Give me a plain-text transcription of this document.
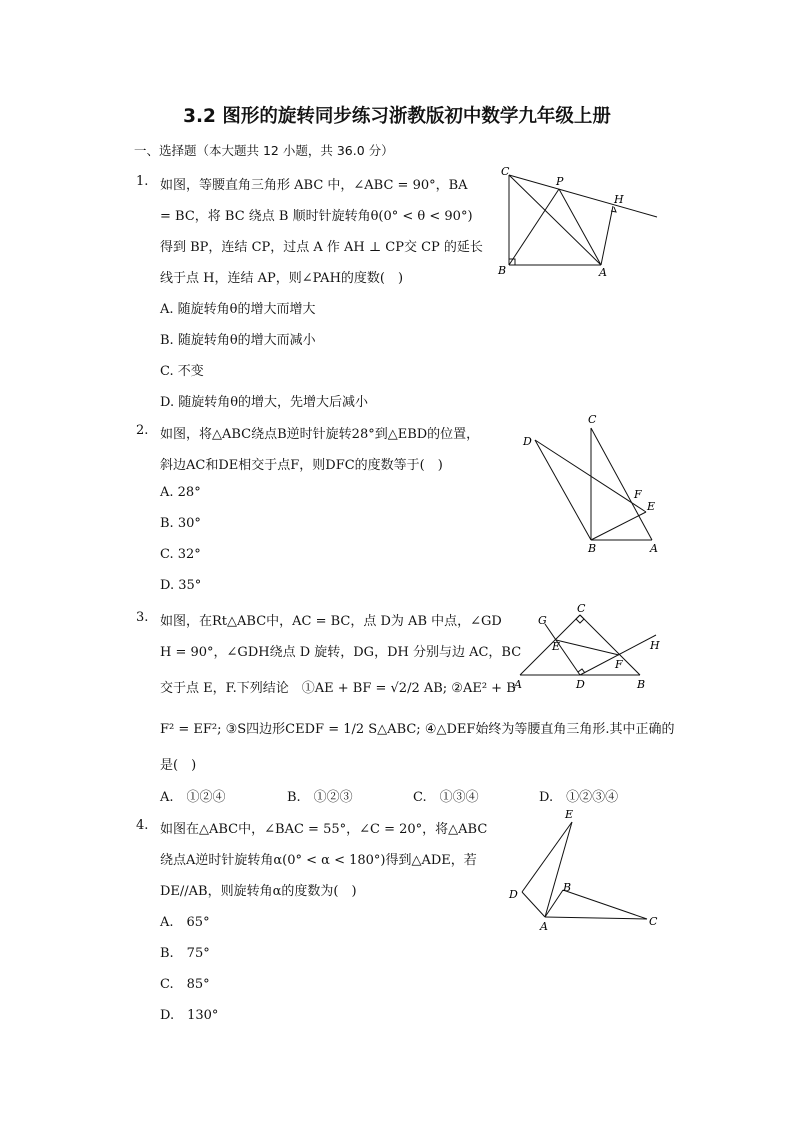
3.2 图形的旋转同步练习浙教版初中数学九年级上册
一、选择题（本大题共 12 小题，共 36.0 分）
1. 如图，等腰直角三角形 ABC 中，∠ABC = 90°，BA
= BC，将 BC 绕点 B 顺时针旋转角θ(0° < θ < 90°)
得到 BP，连结 CP，过点 A 作 AH ⊥ CP交 CP 的延长
线于点 H，连结 AP，则∠PAH的度数(　)
A. 随旋转角θ的增大而增大
B. 随旋转角θ的增大而减小
C. 不变
D. 随旋转角θ的增大，先增大后减小
C
P
H
B	A
2. 如图，将△ABC绕点B逆时针旋转28°到△EBD的位置，
斜边AC和DE相交于点F，则DFC的度数等于(　)
A. 28°
B. 30°
C. 32°
D. 35°
C
D
F
E
B	A
3. 如图，在Rt△ABC中，AC = BC，点 D为 AB 中点，∠GD
H = 90°，∠GDH绕点 D 旋转，DG，DH 分别与边 AC，BC
交于点 E，F.下列结论　①AE + BF = √2/2 AB; ②AE² + B
F² = EF²; ③S四边形CEDF = 1/2 S△ABC; ④△DEF始终为等腰直角三角形.其中正确的
是(　)
A.　①②④	B.　①②③	C.　①③④	D.　①②③④
C
G
E
F
H
A	D	B
4. 如图在△ABC中，∠BAC = 55°，∠C = 20°，将△ABC
绕点A逆时针旋转角α(0° < α < 180°)得到△ADE，若
DE//AB，则旋转角α的度数为(　)
A.　65°
B.　75°
C.　85°
D.　130°
E
D
B
A	C
